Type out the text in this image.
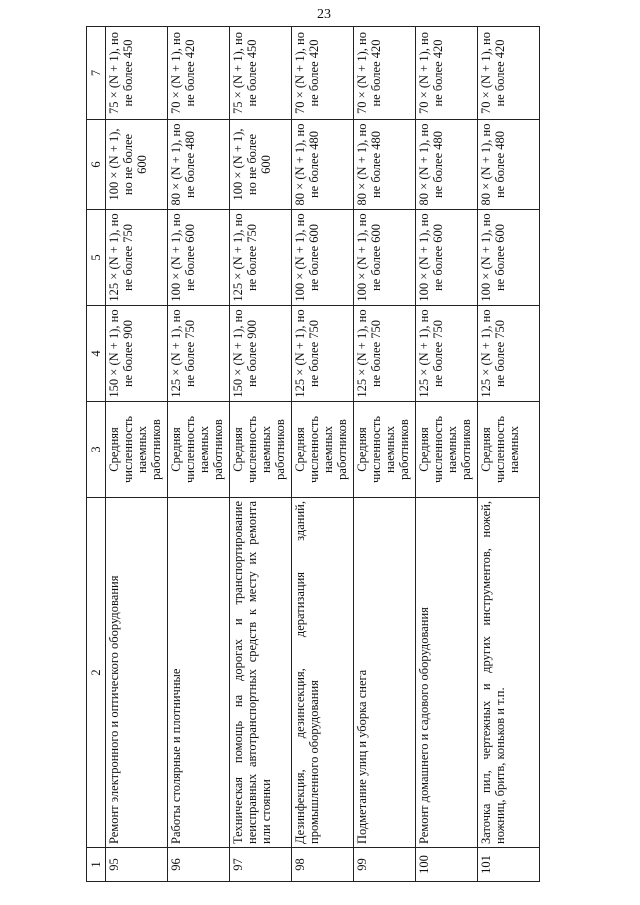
23
1	2	3	4	5	6	7
95	Ремонт электронного и оптического оборудования	Средняя численность наемных работников	150 × (N + 1), но не более 900	125 × (N + 1), но не более 750	100 × (N + 1), но не более 600	75 × (N + 1), но не более 450
96	Работы столярные и плотничные	Средняя численность наемных работников	125 × (N + 1), но не более 750	100 × (N + 1), но не более 600	80 × (N + 1), но не более 480	70 × (N + 1), но не более 420
97	Техническая помощь на дорогах и транспортирование неисправных автотранспортных средств к месту их ремонта или стоянки	Средняя численность наемных работников	150 × (N + 1), но не более 900	125 × (N + 1), но не более 750	100 × (N + 1), но не более 600	75 × (N + 1), но не более 450
98	Дезинфекция, дезинсекция, дератизация зданий, промышленного оборудования	Средняя численность наемных работников	125 × (N + 1), но не более 750	100 × (N + 1), но не более 600	80 × (N + 1), но не более 480	70 × (N + 1), но не более 420
99	Подметание улиц и уборка снега	Средняя численность наемных работников	125 × (N + 1), но не более 750	100 × (N + 1), но не более 600	80 × (N + 1), но не более 480	70 × (N + 1), но не более 420
100	Ремонт домашнего и садового оборудования	Средняя численность наемных работников	125 × (N + 1), но не более 750	100 × (N + 1), но не более 600	80 × (N + 1), но не более 480	70 × (N + 1), но не более 420
101	Заточка пил, чертежных и других инструментов, ножей, ножниц, бритв, коньков и т.п.	Средняя численность наемных	125 × (N + 1), но не более 750	100 × (N + 1), но не более 600	80 × (N + 1), но не более 480	70 × (N + 1), но не более 420
